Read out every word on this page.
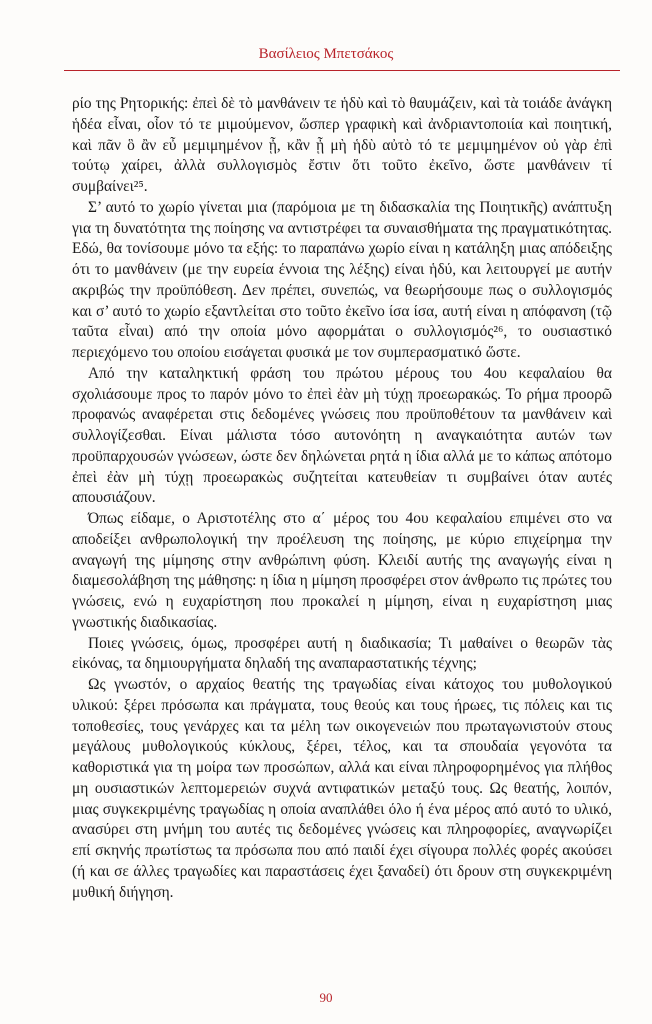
Βασίλειος Μπετσάκος

ρίο της Ρητορικής: ἐπεὶ δὲ τὸ μανθάνειν τε ἡδὺ καὶ τὸ θαυμάζειν, καὶ τὰ τοιάδε ἀνάγκη ἡδέα εἶναι, οἷον τό τε μιμούμενον, ὥσπερ γραφικὴ καὶ ἀνδριαντοποιία καὶ ποιητική, καὶ πᾶν ὃ ἂν εὖ μεμιμημένον ᾖ, κἂν ᾖ μὴ ἡδὺ αὐτὸ τό τε μεμιμημένον οὐ γὰρ ἐπὶ τούτῳ χαίρει, ἀλλὰ συλλογισμὸς ἔστιν ὅτι τοῦτο ἐκεῖνο, ὥστε μανθάνειν τί συμβαίνει²⁵.

Σ’ αυτό το χωρίο γίνεται μια (παρόμοια με τη διδασκαλία της Ποιητικῆς) ανάπτυξη για τη δυνατότητα της ποίησης να αντιστρέφει τα συναισθήματα της πραγματικότητας. Εδώ, θα τονίσουμε μόνο τα εξής: το παραπάνω χωρίο είναι η κατάληξη μιας απόδειξης ότι το μανθάνειν (με την ευρεία έννοια της λέξης) είναι ἡδύ, και λειτουργεί με αυτήν ακριβώς την προϋπόθεση. Δεν πρέπει, συνεπώς, να θεωρήσουμε πως ο συλλογισμός και σ’ αυτό το χωρίο εξαντλείται στο τοῦτο ἐκεῖνο ίσα ίσα, αυτή είναι η απόφανση (τῷ ταῦτα εἶναι) από την οποία μόνο αφορμάται ο συλλογισμός²⁶, το ουσιαστικό περιεχόμενο του οποίου εισάγεται φυσικά με τον συμπερασματικό ὥστε.

Από την καταληκτική φράση του πρώτου μέρους του 4ου κεφαλαίου θα σχολιάσουμε προς το παρόν μόνο το ἐπεὶ ἐὰν μὴ τύχῃ προεωρακώς. Το ρήμα προορῶ προφανώς αναφέρεται στις δεδομένες γνώσεις που προϋποθέτουν τα μανθάνειν καὶ συλλογίζεσθαι. Είναι μάλιστα τόσο αυτονόητη η αναγκαιότητα αυτών των προϋπαρχουσών γνώσεων, ώστε δεν δηλώνεται ρητά η ίδια αλλά με το κάπως απότομο ἐπεὶ ἐὰν μὴ τύχῃ προεωρακὼς συζητείται κατευθείαν τι συμβαίνει όταν αυτές απουσιάζουν.

Όπως είδαμε, ο Αριστοτέλης στο α΄ μέρος του 4ου κεφαλαίου επιμένει στο να αποδείξει ανθρωπολογική την προέλευση της ποίησης, με κύριο επιχείρημα την αναγωγή της μίμησης στην ανθρώπινη φύση. Κλειδί αυτής της αναγωγής είναι η διαμεσολάβηση της μάθησης: η ίδια η μίμηση προσφέρει στον άνθρωπο τις πρώτες του γνώσεις, ενώ η ευχαρίστηση που προκαλεί η μίμηση, είναι η ευχαρίστηση μιας γνωστικής διαδικασίας.

Ποιες γνώσεις, όμως, προσφέρει αυτή η διαδικασία; Τι μαθαίνει ο θεωρῶν τὰς εἰκόνας, τα δημιουργήματα δηλαδή της αναπαραστατικής τέχνης;

Ως γνωστόν, ο αρχαίος θεατής της τραγωδίας είναι κάτοχος του μυθολογικού υλικού: ξέρει πρόσωπα και πράγματα, τους θεούς και τους ήρωες, τις πόλεις και τις τοποθεσίες, τους γενάρχες και τα μέλη των οικογενειών που πρωταγωνιστούν στους μεγάλους μυθολογικούς κύκλους, ξέρει, τέλος, και τα σπουδαία γεγονότα τα καθοριστικά για τη μοίρα των προσώπων, αλλά και είναι πληροφορημένος για πλήθος μη ουσιαστικών λεπτομερειών συχνά αντιφατικών μεταξύ τους. Ως θεατής, λοιπόν, μιας συγκεκριμένης τραγωδίας η οποία αναπλάθει όλο ή ένα μέρος από αυτό το υλικό, ανασύρει στη μνήμη του αυτές τις δεδομένες γνώσεις και πληροφορίες, αναγνωρίζει επί σκηνής πρωτίστως τα πρόσωπα που από παιδί έχει σίγουρα πολλές φορές ακούσει (ή και σε άλλες τραγωδίες και παραστάσεις έχει ξαναδεί) ότι δρουν στη συγκεκριμένη μυθική διήγηση.

90
